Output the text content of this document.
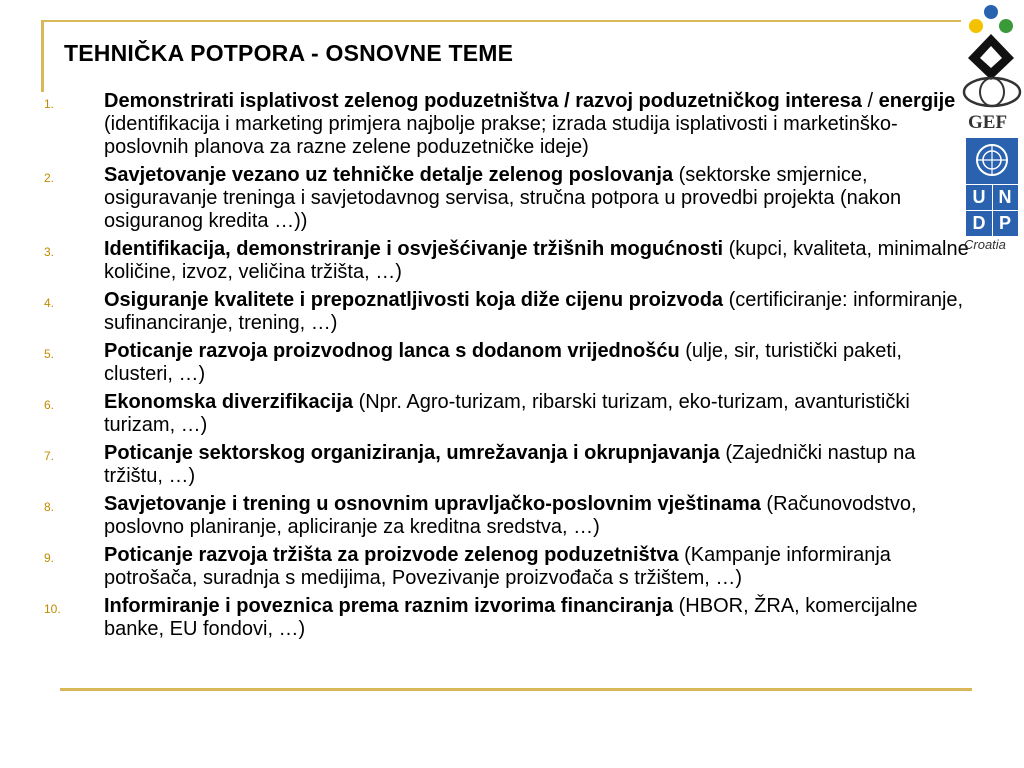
TEHNIČKA POTPORA - OSNOVNE TEME
1.	Demonstrirati isplativost zelenog poduzetništva / razvoj poduzetničkog interesa / energije (identifikacija i marketing primjera najbolje prakse; izrada studija isplativosti i marketinško-poslovnih planova za razne zelene poduzetničke ideje)
2.	Savjetovanje vezano uz tehničke detalje zelenog poslovanja (sektorske smjernice, osiguravanje treninga i savjetodavnog servisa, stručna potpora u provedbi projekta (nakon osiguranog kredita …))
3.	Identifikacija, demonstriranje i osvješćivanje tržišnih mogućnosti (kupci, kvaliteta, minimalne količine, izvoz, veličina tržišta, …)
4.	Osiguranje kvalitete i prepoznatljivosti koja diže cijenu proizvoda (certificiranje: informiranje, sufinanciranje, trening, …)
5.	Poticanje razvoja proizvodnog lanca s dodanom vrijednošću (ulje, sir, turistički paketi, clusteri, …)
6.	Ekonomska diverzifikacija (Npr. Agro-turizam, ribarski turizam, eko-turizam, avanturistički turizam, …)
7.	Poticanje sektorskog organiziranja, umrežavanja i okrupnjavanja (Zajednički nastup na tržištu, …)
8.	Savjetovanje i trening u osnovnim upravljačko-poslovnim vještinama (Računovodstvo, poslovno planiranje, apliciranje za kreditna sredstva, …)
9.	Poticanje razvoja tržišta za proizvode zelenog poduzetništva (Kampanje informiranja potrošača, suradnja s medijima, Povezivanje proizvođača s tržištem, …)
10.	Informiranje i poveznica prema raznim izvorima financiranja (HBOR, ŽRA, komercijalne banke, EU fondovi, …)
GEF
U N
D P
Croatia
